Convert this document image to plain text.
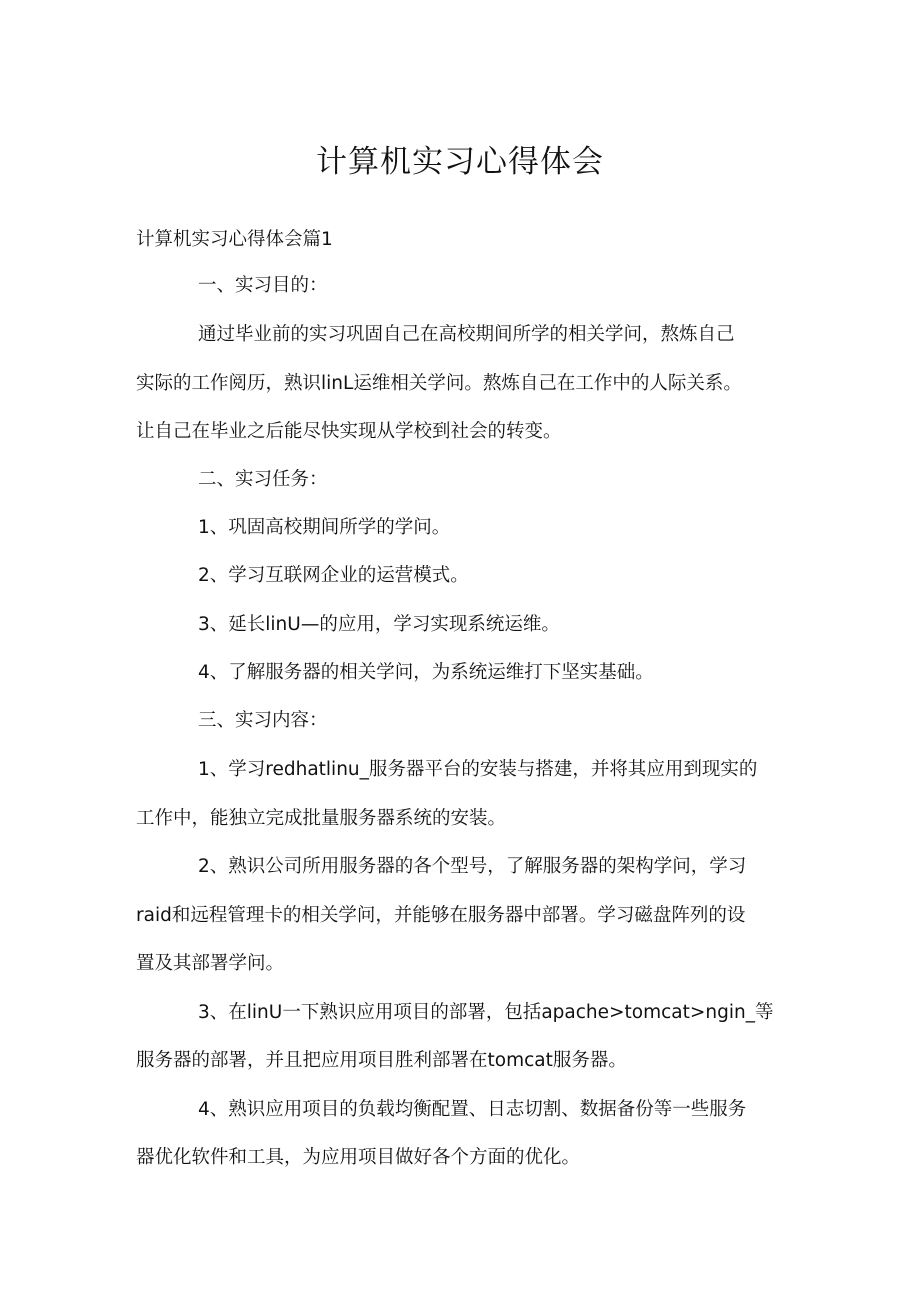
计算机实习心得体会

计算机实习心得体会篇1

一、实习目的：

通过毕业前的实习巩固自己在高校期间所学的相关学问，熬炼自己

实际的工作阅历，熟识linL运维相关学问。熬炼自己在工作中的人际关系。

让自己在毕业之后能尽快实现从学校到社会的转变。

二、实习任务：

1、巩固高校期间所学的学问。

2、学习互联网企业的运营模式。

3、延长linU—的应用，学习实现系统运维。

4、了解服务器的相关学问，为系统运维打下坚实基础。

三、实习内容：

1、学习redhatlinu_服务器平台的安装与搭建，并将其应用到现实的

工作中，能独立完成批量服务器系统的安装。

2、熟识公司所用服务器的各个型号，了解服务器的架构学问，学习

raid和远程管理卡的相关学问，并能够在服务器中部署。学习磁盘阵列的设

置及其部署学问。

3、在linU一下熟识应用项目的部署，包括apache>tomcat>ngin_等

服务器的部署，并且把应用项目胜利部署在tomcat服务器。

4、熟识应用项目的负载均衡配置、日志切割、数据备份等一些服务

器优化软件和工具，为应用项目做好各个方面的优化。
